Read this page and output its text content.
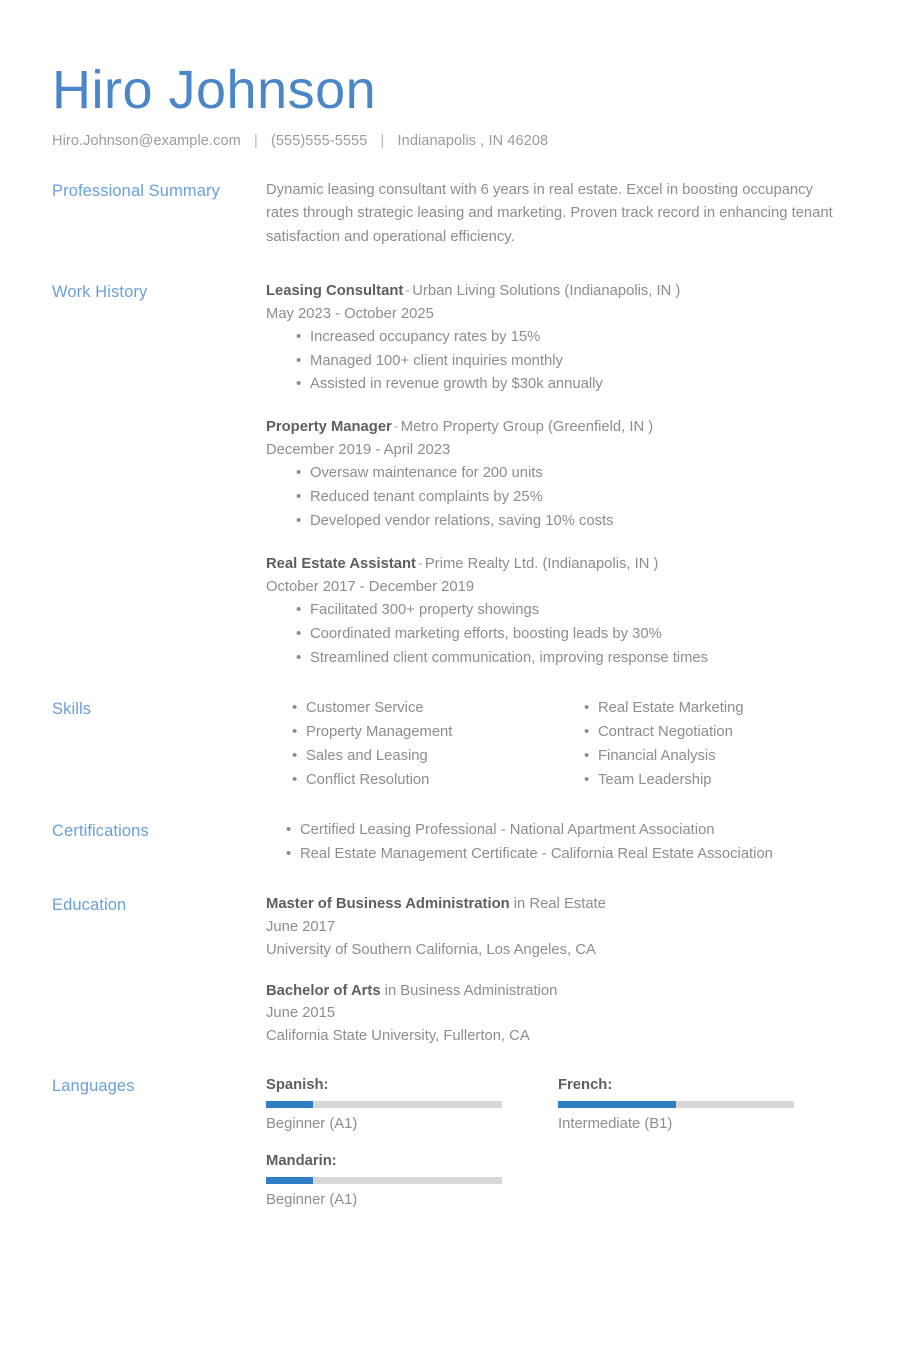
Hiro Johnson
Hiro.Johnson@example.com | (555)555-5555 | Indianapolis , IN 46208
Professional Summary	Dynamic leasing consultant with 6 years in real estate. Excel in boosting occupancy rates through strategic leasing and marketing. Proven track record in enhancing tenant satisfaction and operational efficiency.
Work History	Leasing Consultant - Urban Living Solutions (Indianapolis, IN )
May 2023 - October 2025
• Increased occupancy rates by 15%
• Managed 100+ client inquiries monthly
• Assisted in revenue growth by $30k annually
Property Manager - Metro Property Group (Greenfield, IN )
December 2019 - April 2023
• Oversaw maintenance for 200 units
• Reduced tenant complaints by 25%
• Developed vendor relations, saving 10% costs
Real Estate Assistant - Prime Realty Ltd. (Indianapolis, IN )
October 2017 - December 2019
• Facilitated 300+ property showings
• Coordinated marketing efforts, boosting leads by 30%
• Streamlined client communication, improving response times
Skills	• Customer Service
• Property Management
• Sales and Leasing
• Conflict Resolution
• Real Estate Marketing
• Contract Negotiation
• Financial Analysis
• Team Leadership
Certifications	• Certified Leasing Professional - National Apartment Association
• Real Estate Management Certificate - California Real Estate Association
Education	Master of Business Administration in Real Estate
June 2017
University of Southern California, Los Angeles, CA
Bachelor of Arts in Business Administration
June 2015
California State University, Fullerton, CA
Languages	Spanish:
Beginner (A1)
French:
Intermediate (B1)
Mandarin:
Beginner (A1)
